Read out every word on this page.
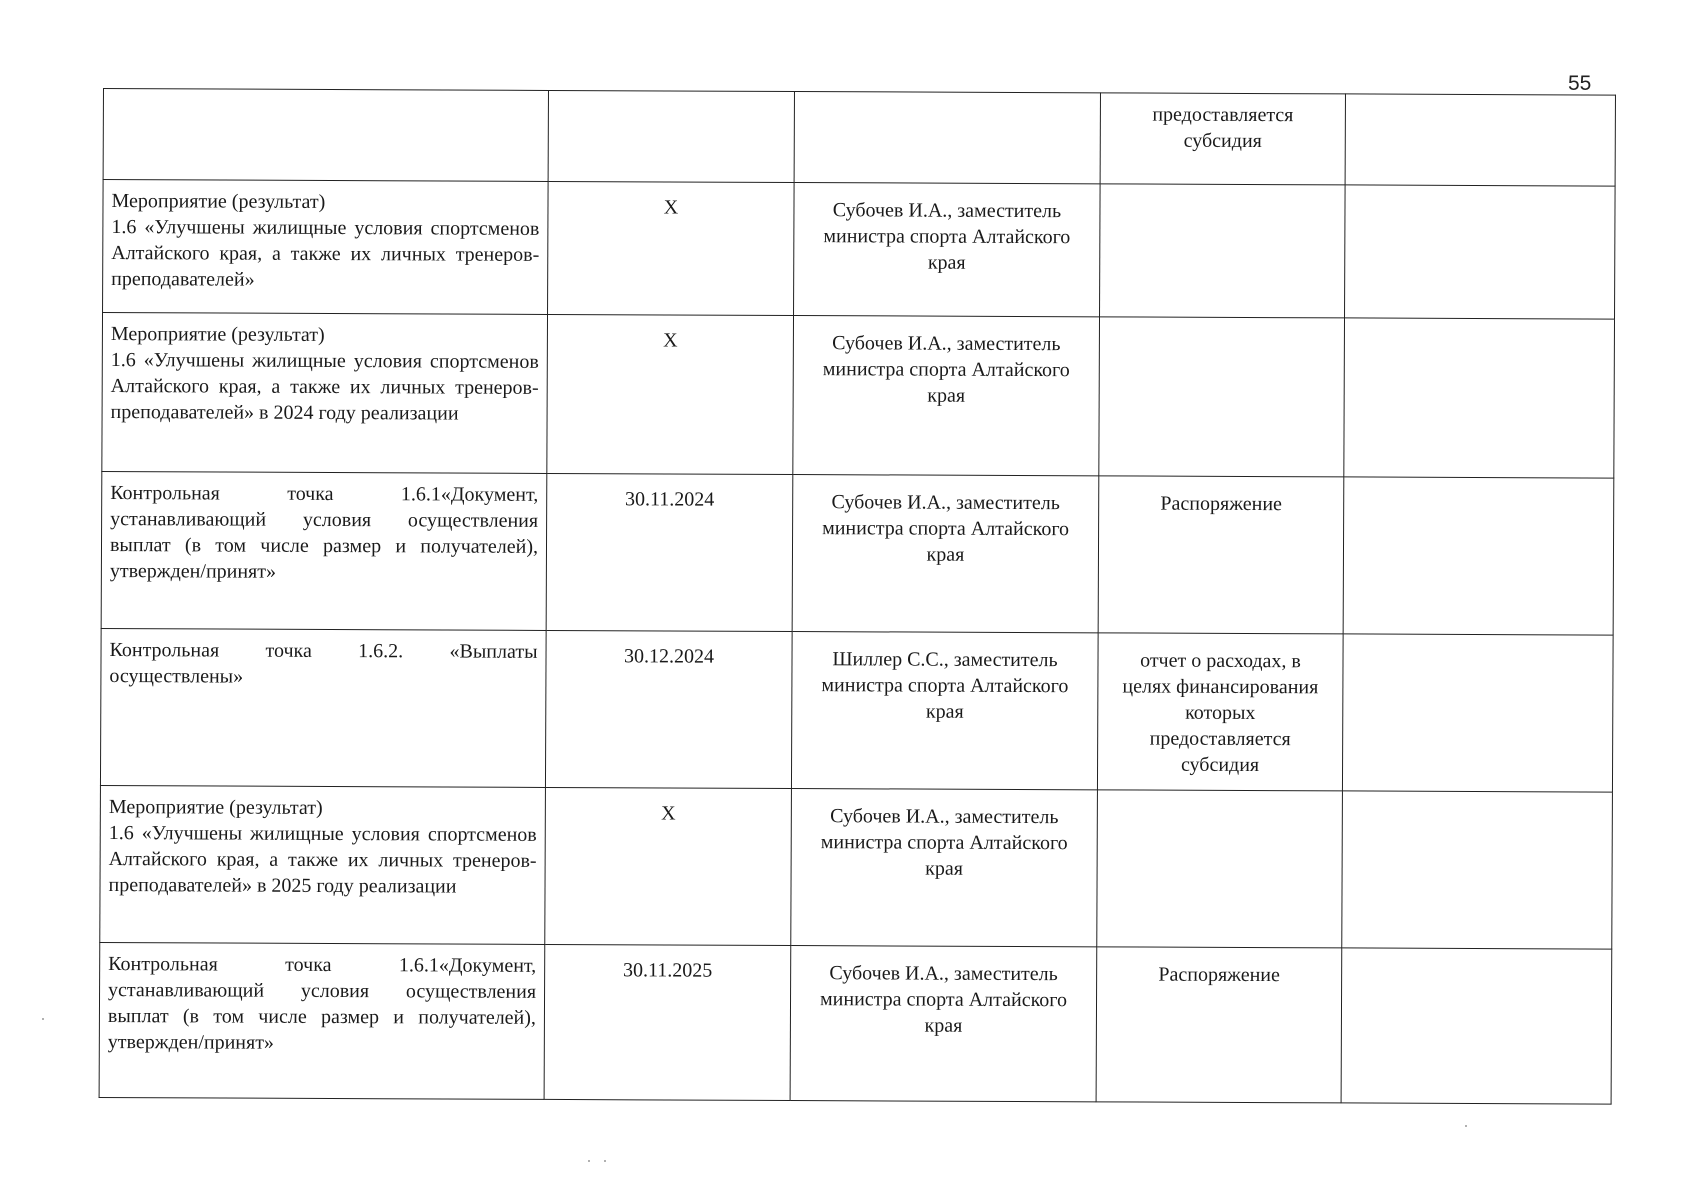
55

			предоставляется
субсидия	

Мероприятие (результат)
1.6 «Улучшены жилищные условия спортсменов Алтайского края, а также их личных тренеров-преподавателей»	X	Субочев И.А., заместитель
министра спорта Алтайского
края		

Мероприятие (результат)
1.6 «Улучшены жилищные условия спортсменов Алтайского края, а также их личных тренеров-преподавателей» в 2024 году реализации	X	Субочев И.А., заместитель
министра спорта Алтайского
края		

Контрольная точка 1.6.1«Документ, устанавливающий условия осуществления выплат (в том числе размер и получателей), утвержден/принят»	30.11.2024	Субочев И.А., заместитель
министра спорта Алтайского
края	Распоряжение	

Контрольная точка 1.6.2. «Выплаты осуществлены»	30.12.2024	Шиллер С.С., заместитель
министра спорта Алтайского
края	отчет о расходах, в
целях финансирования
которых
предоставляется
субсидия	

Мероприятие (результат)
1.6 «Улучшены жилищные условия спортсменов Алтайского края, а также их личных тренеров-преподавателей» в 2025 году реализации	X	Субочев И.А., заместитель
министра спорта Алтайского
края		

Контрольная точка 1.6.1«Документ, устанавливающий условия осуществления выплат (в том числе размер и получателей), утвержден/принят»	30.11.2025	Субочев И.А., заместитель
министра спорта Алтайского
края	Распоряжение	
